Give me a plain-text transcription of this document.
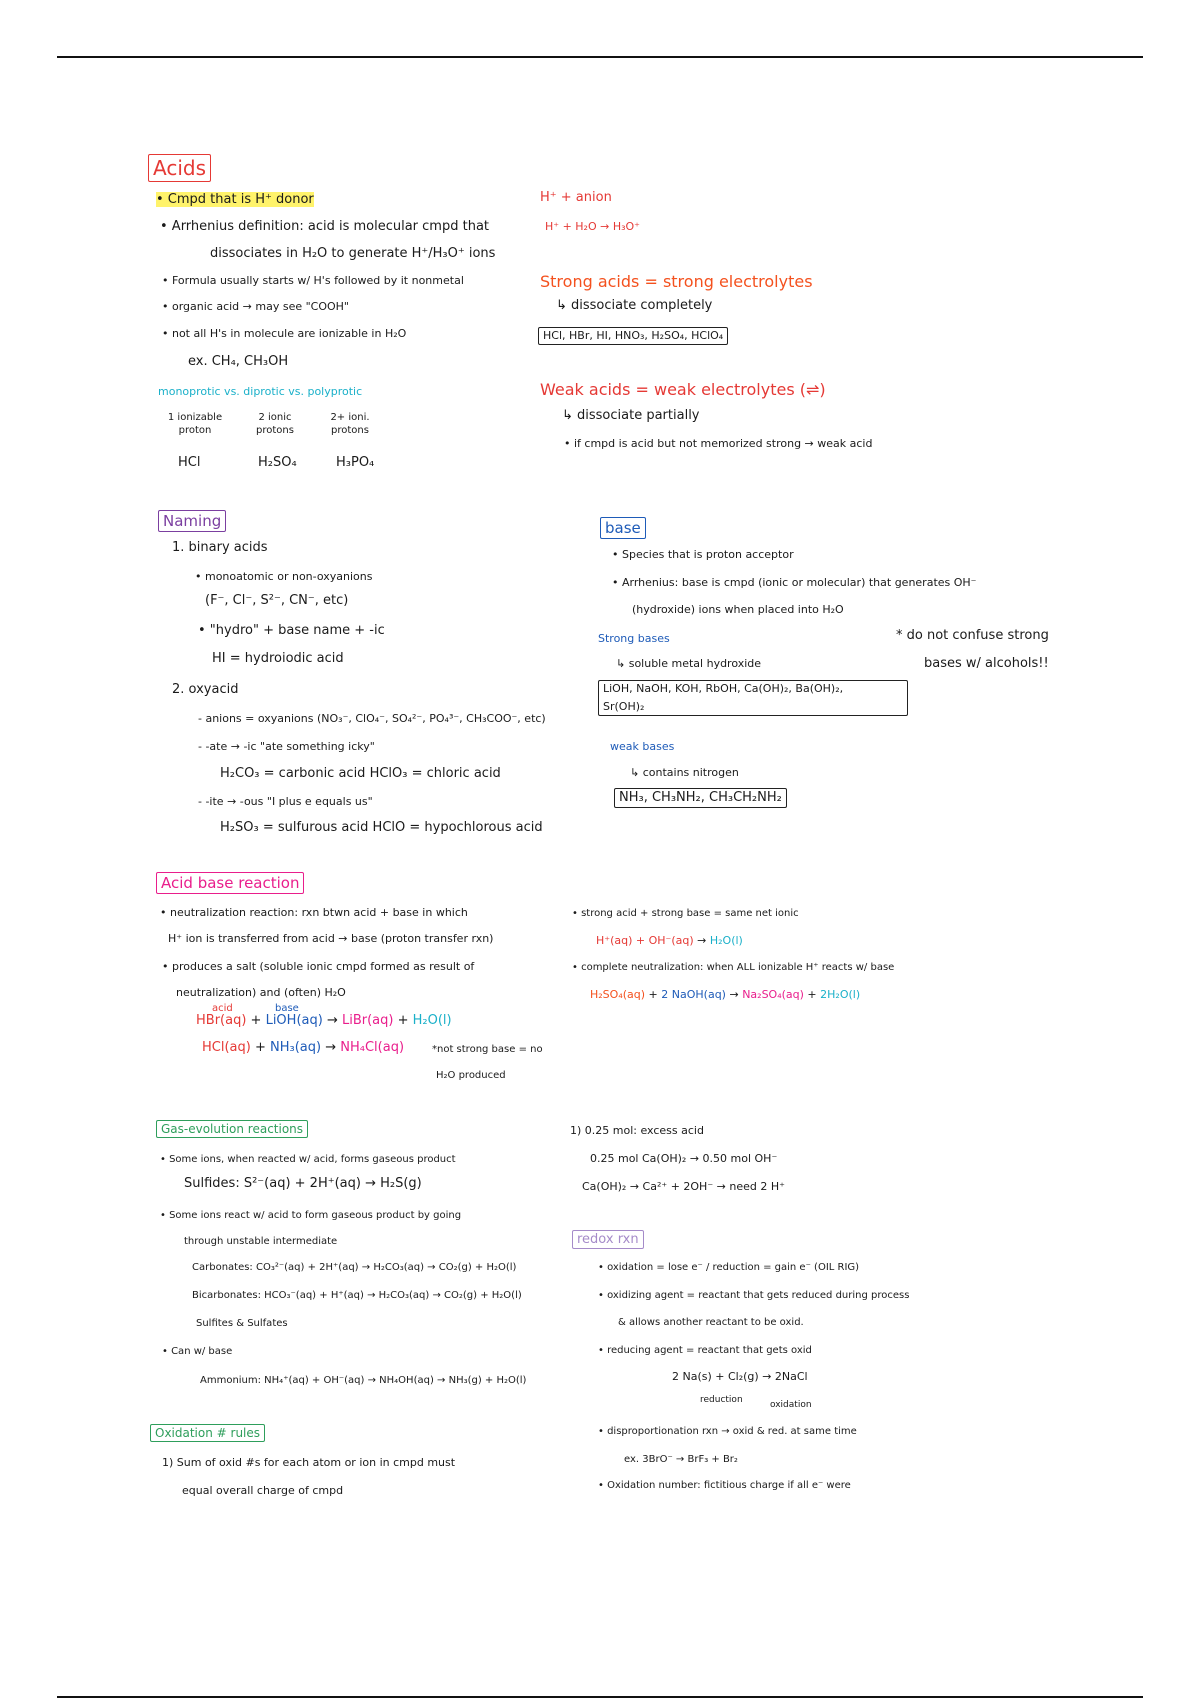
Acids
• Cmpd that is H⁺ donor
• Arrhenius definition: acid is molecular cmpd that
dissociates in H₂O to generate H⁺/H₃O⁺ ions
• Formula usually starts w/ H's followed by it nonmetal
• organic acid → may see "COOH"
• not all H's in molecule are ionizable in H₂O
ex. CH₄, CH₃OH
monoprotic vs. diprotic vs. polyprotic
1 ionizable proton
2 ionic protons
2+ ioni. protons
HCl	H₂SO₄	H₃PO₄
H⁺ + anion
H⁺ + H₂O → H₃O⁺
Strong acids = strong electrolytes
↳ dissociate completely
HCl, HBr, HI, HNO₃, H₂SO₄, HClO₄
Weak acids = weak electrolytes (⇌)
↳ dissociate partially
• if cmpd is acid but not memorized strong → weak acid
Naming
1. binary acids
• monoatomic or non-oxyanions
(F⁻, Cl⁻, S²⁻, CN⁻, etc)
• "hydro" + base name + -ic
HI = hydroiodic acid
2. oxyacid
- anions = oxyanions (NO₃⁻, ClO₄⁻, SO₄²⁻, PO₄³⁻, CH₃COO⁻, etc)
- -ate → -ic "ate something icky"
H₂CO₃ = carbonic acid HClO₃ = chloric acid
- -ite → -ous "I plus e equals us"
H₂SO₃ = sulfurous acid HClO = hypochlorous acid
base
• Species that is proton acceptor
• Arrhenius: base is cmpd (ionic or molecular) that generates OH⁻
(hydroxide) ions when placed into H₂O
Strong bases
↳ soluble metal hydroxide
LiOH, NaOH, KOH, RbOH, Ca(OH)₂, Ba(OH)₂,
Sr(OH)₂
weak bases
↳ contains nitrogen
NH₃, CH₃NH₂, CH₃CH₂NH₂
* do not confuse strong
bases w/ alcohols!!
Acid base reaction
• neutralization reaction: rxn btwn acid + base in which
H⁺ ion is transferred from acid → base (proton transfer rxn)
• produces a salt (soluble ionic cmpd formed as result of
neutralization) and (often) H₂O
acid	base
HBr(aq) + LiOH(aq) → LiBr(aq) + H₂O(l)
HCl(aq) + NH₃(aq) → NH₄Cl(aq)	*not strong base = no
H₂O produced
• strong acid + strong base = same net ionic
H⁺(aq) + OH⁻(aq) → H₂O(l)
• complete neutralization: when ALL ionizable H⁺ reacts w/ base
H₂SO₄(aq) + 2 NaOH(aq) → Na₂SO₄(aq) + 2H₂O(l)
Gas-evolution reactions
• Some ions, when reacted w/ acid, forms gaseous product
Sulfides: S²⁻(aq) + 2H⁺(aq) → H₂S(g)
• Some ions react w/ acid to form gaseous product by going
through unstable intermediate
Carbonates: CO₃²⁻(aq) + 2H⁺(aq) → H₂CO₃(aq) → CO₂(g) + H₂O(l)
Bicarbonates: HCO₃⁻(aq) + H⁺(aq) → H₂CO₃(aq) → CO₂(g) + H₂O(l)
Sulfites & Sulfates
• Can w/ base
Ammonium: NH₄⁺(aq) + OH⁻(aq) → NH₄OH(aq) → NH₃(g) + H₂O(l)
1) 0.25 mol: excess acid
0.25 mol Ca(OH)₂ → 0.50 mol OH⁻
Ca(OH)₂ → Ca²⁺ + 2OH⁻ → need 2 H⁺
redox rxn
• oxidation = lose e⁻ / reduction = gain e⁻ (OIL RIG)
• oxidizing agent = reactant that gets reduced during process
& allows another reactant to be oxid.
• reducing agent = reactant that gets oxid
2 Na(s) + Cl₂(g) → 2NaCl
reduction	oxidation
• disproportionation rxn → oxid & red. at same time
ex. 3BrO⁻ → BrF₃ + Br₂
• Oxidation number: fictitious charge if all e⁻ were
Oxidation # rules
1) Sum of oxid #s for each atom or ion in cmpd must
equal overall charge of cmpd
